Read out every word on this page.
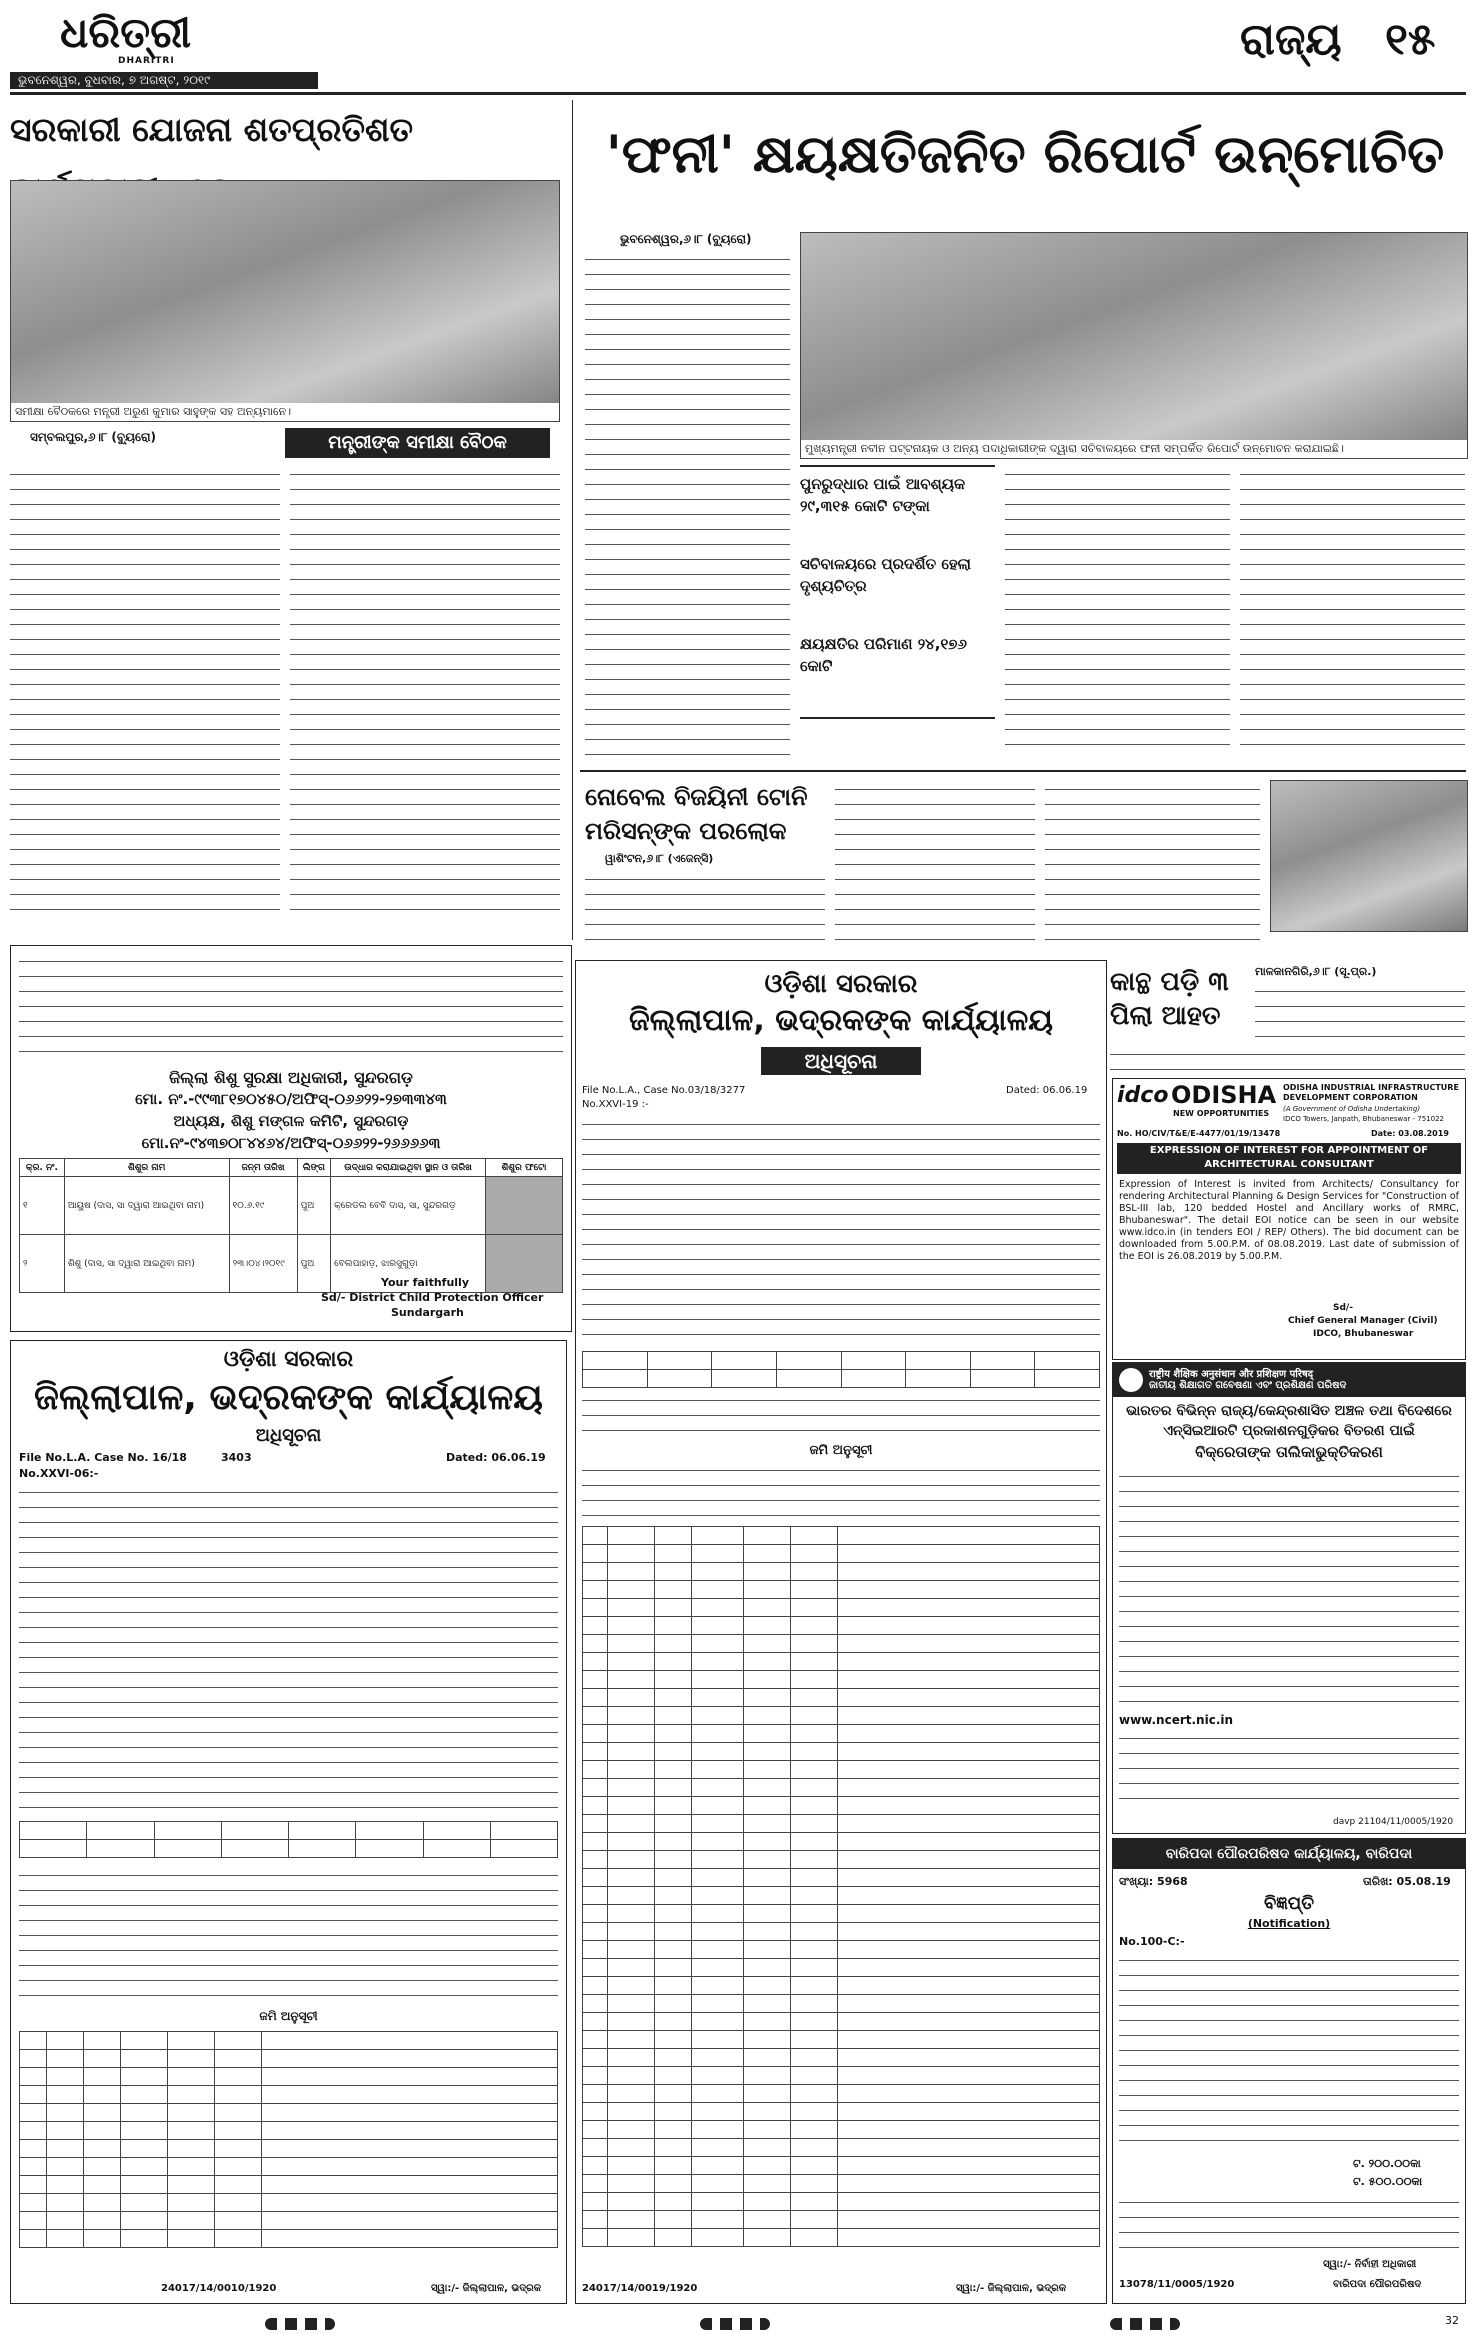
ଧରିତ୍ରୀ
DHARITRI
ଭୁବନେଶ୍ୱର, ବୁଧବାର, ୭ ଅଗଷ୍ଟ, ୨୦୧୯
ରାଜ୍ୟ ୧୫
ସରକାରୀ ଯୋଜନା ଶତପ୍ରତିଶତ
ସମୀକ୍ଷା ବୈଠକରେ ମନ୍ତ୍ରୀ ଅରୁଣ କୁମାର ସାହୁଙ୍କ ସହ ଅନ୍ୟମାନେ।
ସମ୍ବଲପୁର,୬।୮ (ବ୍ୟୁରୋ)	ମନ୍ତ୍ରୀଙ୍କ ସମୀକ୍ଷା ବୈଠକ
'ଫନୀ' କ୍ଷୟକ୍ଷତିଜନିତ ରିପୋର୍ଟ ଉନ୍ମୋଚିତ
ଭୁବନେଶ୍ୱର,୬।୮ (ବ୍ୟୁରୋ)
ମୁଖ୍ୟମନ୍ତ୍ରୀ ନବୀନ ପଟ୍ଟନାୟକ ଓ ଅନ୍ୟ ପଦାଧିକାରୀଙ୍କ ଦ୍ୱାରା ସଚିବାଳୟରେ ଫନୀ ସମ୍ପର୍କିତ ରିପୋର୍ଟ ଉନ୍ମୋଚନ କରାଯାଇଛି।
ପୁନରୁଦ୍ଧାର ପାଇଁ ଆବଶ୍ୟକ ୨୯,୩୧୫ କୋଟି ଟଙ୍କା
ସଚିବାଳୟରେ ପ୍ରଦର୍ଶିତ ହେଲା ଦୃଶ୍ୟଚିତ୍ର
କ୍ଷୟକ୍ଷତିର ପରିମାଣ ୨୪,୧୭୬ କୋଟି
ନୋବେଲ ବିଜୟିନୀ ଟୋନି ମରିସନ୍ଙ୍କ ପରଲୋକ
ୱାଶିଂଟନ,୬।୮ (ଏଜେନ୍ସି)
ଜିଲ୍ଲା ଶିଶୁ ସୁରକ୍ଷା ଅଧିକାରୀ, ସୁନ୍ଦରଗଡ଼
ମୋ. ନଂ.-୯୯୩୮୧୭୦୪୫୦/ଅଫିସ୍-୦୬୬୨୨-୨୭୩୩୪୩
ଅଧ୍ୟକ୍ଷ, ଶିଶୁ ମଙ୍ଗଳ କମିଟି, ସୁନ୍ଦରଗଡ଼
ମୋ.ନଂ-୯୪୩୭୦୮୪୪୬୪/ଅଫିସ୍-୦୬୬୨୨-୨୬୬୬୬୩
କ୍ର. ନଂ.	ଶିଶୁର ନାମ	ଜନ୍ମ ତାରିଖ	ଲିଙ୍ଗ	ଉଦ୍ଧାର କରାଯାଇଥିବା ସ୍ଥାନ ଓ ତାରିଖ	ଶିଶୁର ଫଟୋ
୧	ଆୟୁଷ (ଦାସ, ସା ଦ୍ୱାରା ଆଇଥିବା ନାମ)	୧୦.୬.୧୯	ପୁଅ	କ୍ରେଡଲ ବେବି ଦାସ, ସା, ସୁନ୍ଦରଗଡ଼	
୨	ଶିଶୁ (ଦାସ, ସା ଦ୍ୱାରା ଆଇଥିବା ନାମ)	୨୩।୦୪।୨୦୧୯	ପୁଅ	ବେଲପାହାଡ଼, ଝାରସୁଗୁଡ଼ା	
Your faithfully
Sd/- District Child Protection Officer
Sundargarh
ଓଡ଼ିଶା ସରକାର
ଜିଲ୍ଲାପାଳ, ଭଦ୍ରକଙ୍କ କାର୍ଯ୍ୟାଳୟ
ଅଧିସୂଚନା
File No.L.A. Case No. 16/18	3403	Dated: 06.06.19
No.XXVI-06:-

ଜମି ଅନୁସୂଚୀ

24017/14/0010/1920	ସ୍ୱା:/- ଜିଲ୍ଲାପାଳ, ଭଦ୍ରକ
ଓଡ଼ିଶା ସରକାର
ଜିଲ୍ଲାପାଳ, ଭଦ୍ରକଙ୍କ କାର୍ଯ୍ୟାଳୟ
ଅଧିସୂଚନା
File No.L.A., Case No.03/18/3277	Dated: 06.06.19
No.XXVI-19 :-

ଜମି ଅନୁସୂଚୀ

24017/14/0019/1920	ସ୍ୱା:/- ଜିଲ୍ଲାପାଳ, ଭଦ୍ରକ
କାନ୍ଥ ପଡ଼ି ୩ ପିଲା ଆହତ
ମାଳକାନଗିରି,୬।୮ (ସୂ.ପ୍ର.)
idco ODISHA
NEW OPPORTUNITIES
ODISHA INDUSTRIAL INFRASTRUCTURE DEVELOPMENT CORPORATION
(A Government of Odisha Undertaking)
IDCO Towers, Janpath, Bhubaneswar - 751022
No. HO/CIV/T&E/E-4477/01/19/13478	Date: 03.08.2019
EXPRESSION OF INTEREST FOR APPOINTMENT OF ARCHITECTURAL CONSULTANT
Expression of Interest is invited from Architects/ Consultancy for rendering Architectural Planning & Design Services for "Construction of BSL-III lab, 120 bedded Hostel and Ancillary works of RMRC, Bhubaneswar". The detail EOI notice can be seen in our website www.idco.in (in tenders EOI / REP/ Others). The bid document can be downloaded from 5.00.P.M. of 08.08.2019. Last date of submission of the EOI is 26.08.2019 by 5.00.P.M.
Sd/-
Chief General Manager (Civil)
IDCO, Bhubaneswar
राष्ट्रीय शैक्षिक अनुसंधान और प्रशिक्षण परिषद्
ଜାତୀୟ ଶିକ୍ଷାଗତ ଗବେଷଣା ଏବଂ ପ୍ରଶିକ୍ଷଣ ପରିଷଦ
ଭାରତର ବିଭିନ୍ନ ରାଜ୍ୟ/କେନ୍ଦ୍ରଶାସିତ ଅଞ୍ଚଳ ତଥା ବିଦେଶରେ
ଏନ୍‌ସିଇଆରଟି ପ୍ରକାଶନଗୁଡ଼ିକର ବିତରଣ ପାଇଁ
ବିକ୍ରେତାଙ୍କ ତାଲିକାଭୁକ୍ତିକରଣ
www.ncert.nic.in
davp 21104/11/0005/1920
ବାରିପଦା ପୌରପରିଷଦ କାର୍ଯ୍ୟାଳୟ, ବାରିପଦା
ସଂଖ୍ୟା: 5968	ତାରିଖ: 05.08.19
ବିଜ୍ଞପ୍ତି
(Notification)
No.100-C:-
ଟ. ୨୦୦.୦୦କା
ଟ. ୫୦୦.୦୦କା
ସ୍ୱା:/- ନିର୍ବାହୀ ଅଧିକାରୀ
13078/11/0005/1920	ବାରିପଦା ପୌରପରିଷଦ
32
